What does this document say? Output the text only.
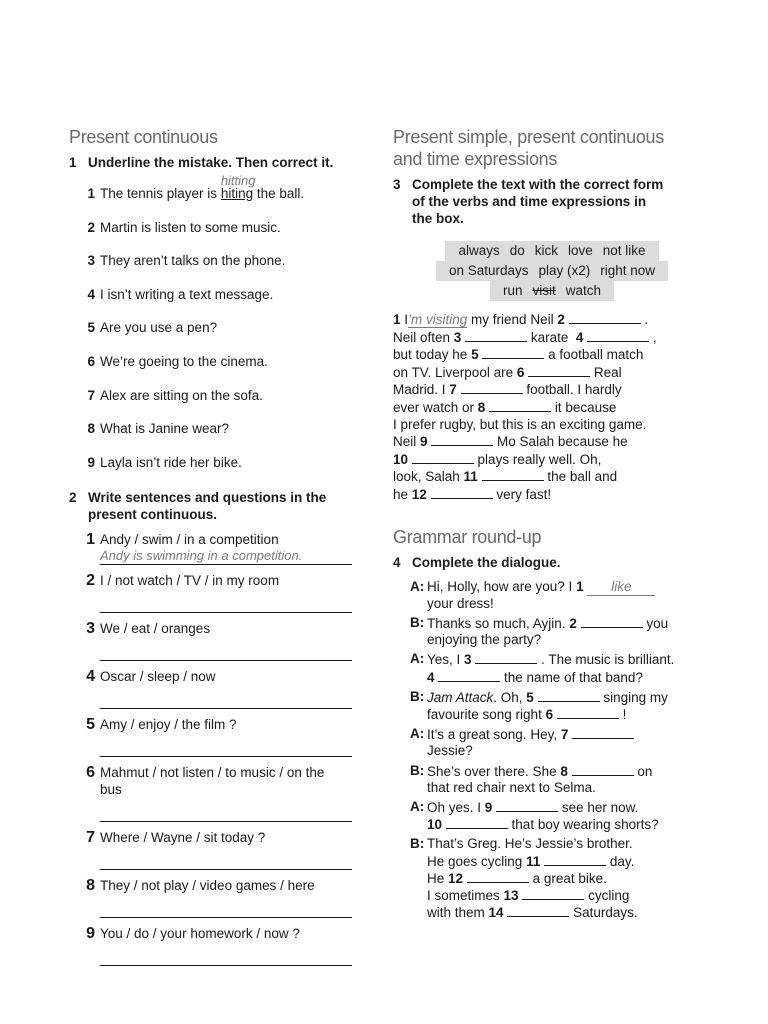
Present continuous
1 Underline the mistake. Then correct it.
1 The tennis player is
hitting
hiting the ball.
2 Martin is listen to some music.
3 They aren’t talks on the phone.
4 I isn’t writing a text message.
5 Are you use a pen?
6 We’re goeing to the cinema.
7 Alex are sitting on the sofa.
8 What is Janine wear?
9 Layla isn’t ride her bike.
2 Write sentences and questions in the
present continuous.
1 Andy / swim / in a competition
Andy is swimming in a competition.
2 I / not watch / TV / in my room
3 We / eat / oranges
4 Oscar / sleep / now
5 Amy / enjoy / the film ?
6 Mahmut / not listen / to music / on the bus
7 Where / Wayne / sit today ?
8 They / not play / video games / here
9 You / do / your homework / now ?
Present simple, present continuous
and time expressions
3 Complete the text with the correct form
of the verbs and time expressions in
the box.
always do kick love not like
on Saturdays play (x2) right now
run visit watch
1 I’m visiting my friend Neil 2	.
Neil often 3	karate  4	,
but today he 5	a football match
on TV. Liverpool are 6	Real
Madrid. I 7	football. I hardly
ever watch or 8	it because
I prefer rugby, but this is an exciting game.
Neil 9	Mo Salah because he
10	plays really well. Oh,
look, Salah 11	the ball and
he 12	very fast!
Grammar round-up
4 Complete the dialogue.
A: Hi, Holly, how are you? I 1 like
your dress!
B: Thanks so much, Ayjin. 2	you
enjoying the party?
A: Yes, I 3	. The music is brilliant.
4	the name of that band?
B: Jam Attack. Oh, 5	singing my
favourite song right 6	!
A: It’s a great song. Hey, 7
Jessie?
B: She’s over there. She 8	on
that red chair next to Selma.
A: Oh yes. I 9	see her now.
10	that boy wearing shorts?
B: That’s Greg. He’s Jessie’s brother.
He goes cycling 11	day.
He 12	a great bike.
I sometimes 13	cycling
with them 14	Saturdays.
